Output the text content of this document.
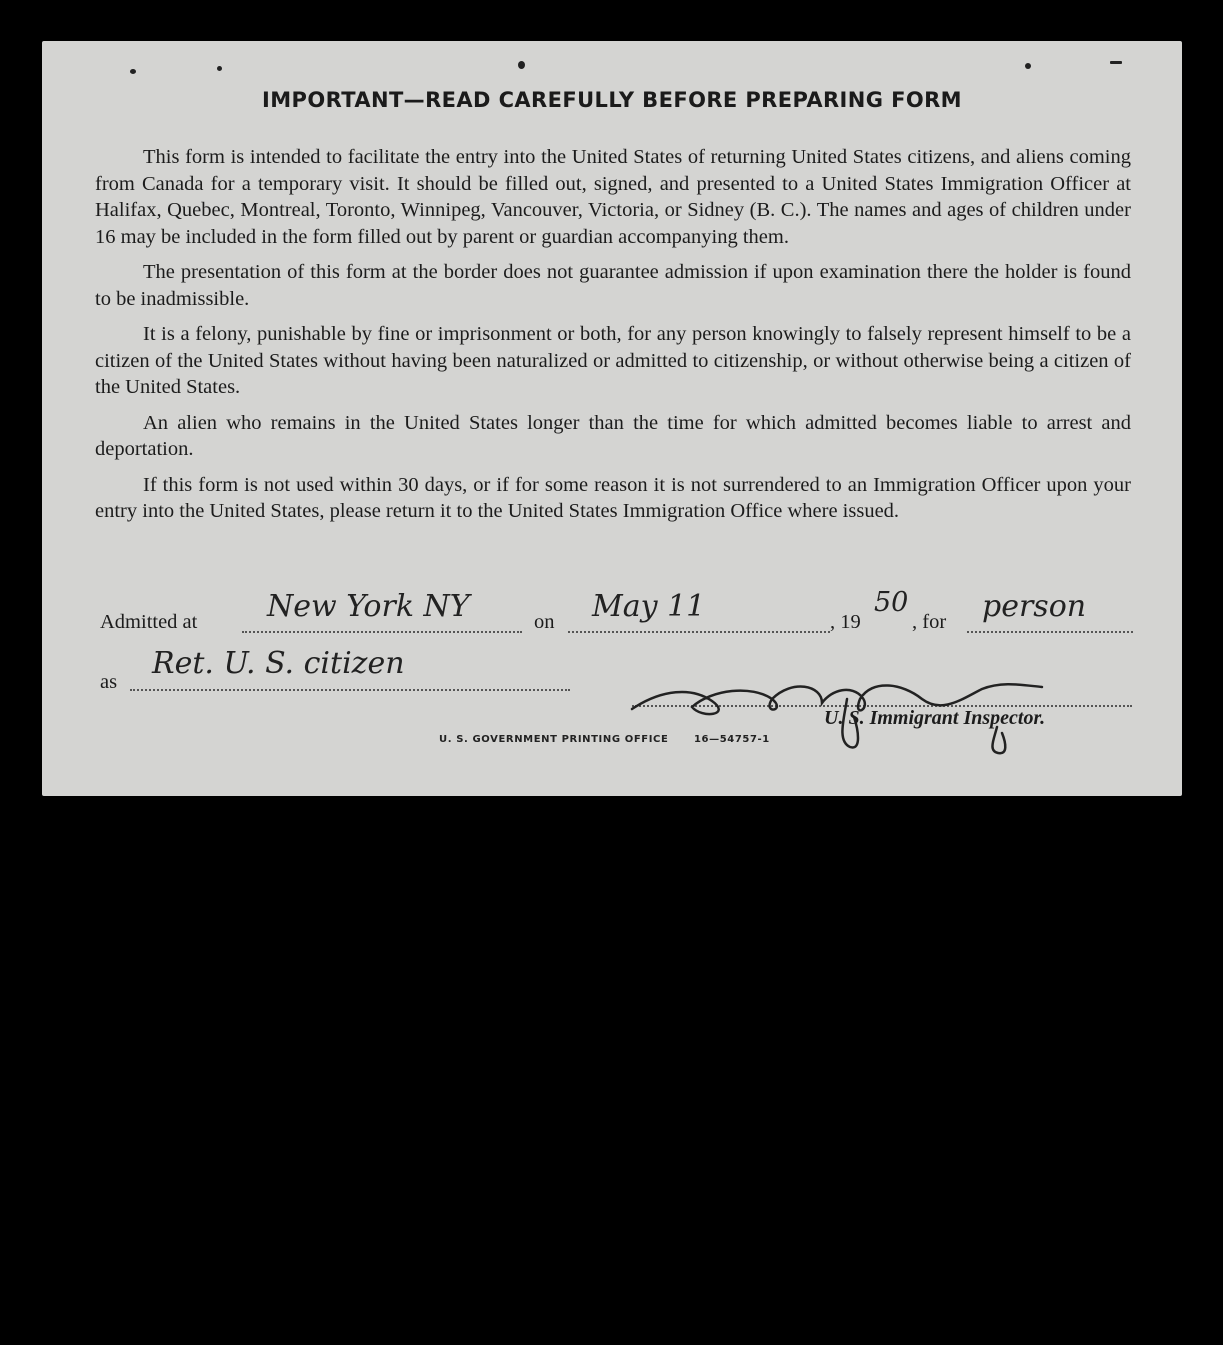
IMPORTANT—READ CAREFULLY BEFORE PREPARING FORM

This form is intended to facilitate the entry into the United States of returning United States citizens, and aliens coming from Canada for a temporary visit. It should be filled out, signed, and presented to a United States Immigration Officer at Halifax, Quebec, Montreal, Toronto, Winnipeg, Vancouver, Victoria, or Sidney (B. C.). The names and ages of children under 16 may be included in the form filled out by parent or guardian accompanying them.

The presentation of this form at the border does not guarantee admission if upon examination there the holder is found to be inadmissible.

It is a felony, punishable by fine or imprisonment or both, for any person knowingly to falsely represent himself to be a citizen of the United States without having been naturalized or admitted to citizenship, or without otherwise being a citizen of the United States.

An alien who remains in the United States longer than the time for which admitted becomes liable to arrest and deportation.

If this form is not used within 30 days, or if for some reason it is not surrendered to an Immigration Officer upon your entry into the United States, please return it to the United States Immigration Office where issued.

Admitted at New York NY	on May 11	, 19
50
, for person
as
Ret. U. S. citizen
U. S. Immigrant Inspector.
U. S. GOVERNMENT PRINTING OFFICE	16—54757-1
